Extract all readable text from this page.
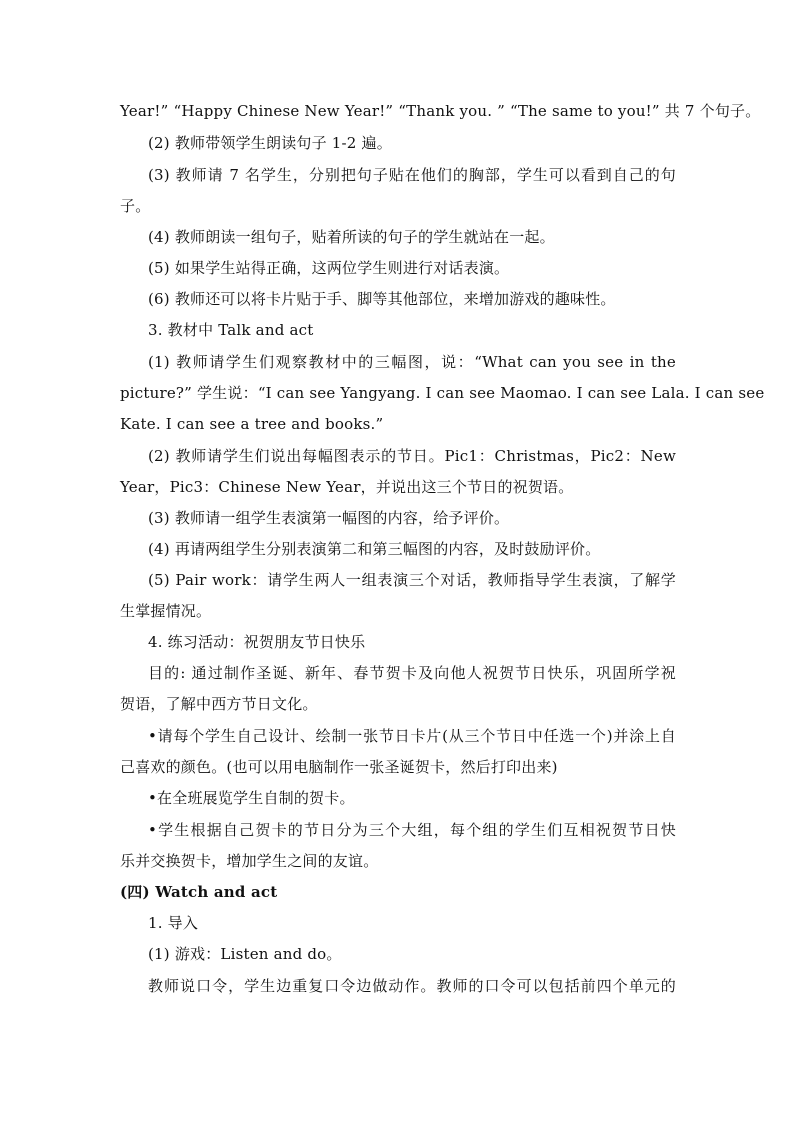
Year!” “Happy Chinese New Year!” “Thank you. ” “The same to you!” 共 7 个句子。
(2) 教师带领学生朗读句子 1-2 遍。
(3) 教师请 7 名学生，分别把句子贴在他们的胸部，学生可以看到自己的句
子。
(4) 教师朗读一组句子，贴着所读的句子的学生就站在一起。
(5) 如果学生站得正确，这两位学生则进行对话表演。
(6) 教师还可以将卡片贴于手、脚等其他部位，来增加游戏的趣味性。
3. 教材中 Talk and act
(1) 教师请学生们观察教材中的三幅图，说：“What can you see in the
picture?” 学生说：“I can see Yangyang. I can see Maomao. I can see Lala. I can see
Kate. I can see a tree and books.”
(2) 教师请学生们说出每幅图表示的节日。Pic1：Christmas，Pic2：New
Year，Pic3：Chinese New Year，并说出这三个节日的祝贺语。
(3) 教师请一组学生表演第一幅图的内容，给予评价。
(4) 再请两组学生分别表演第二和第三幅图的内容，及时鼓励评价。
(5) Pair work：请学生两人一组表演三个对话，教师指导学生表演，了解学
生掌握情况。
4. 练习活动：祝贺朋友节日快乐
目的: 通过制作圣诞、新年、春节贺卡及向他人祝贺节日快乐，巩固所学祝
贺语，了解中西方节日文化。
•请每个学生自己设计、绘制一张节日卡片(从三个节日中任选一个)并涂上自
己喜欢的颜色。(也可以用电脑制作一张圣诞贺卡，然后打印出来)
•在全班展览学生自制的贺卡。
•学生根据自己贺卡的节日分为三个大组，每个组的学生们互相祝贺节日快
乐并交换贺卡，增加学生之间的友谊。
(四) Watch and act
1. 导入
(1) 游戏：Listen and do。
教师说口令，学生边重复口令边做动作。教师的口令可以包括前四个单元的
